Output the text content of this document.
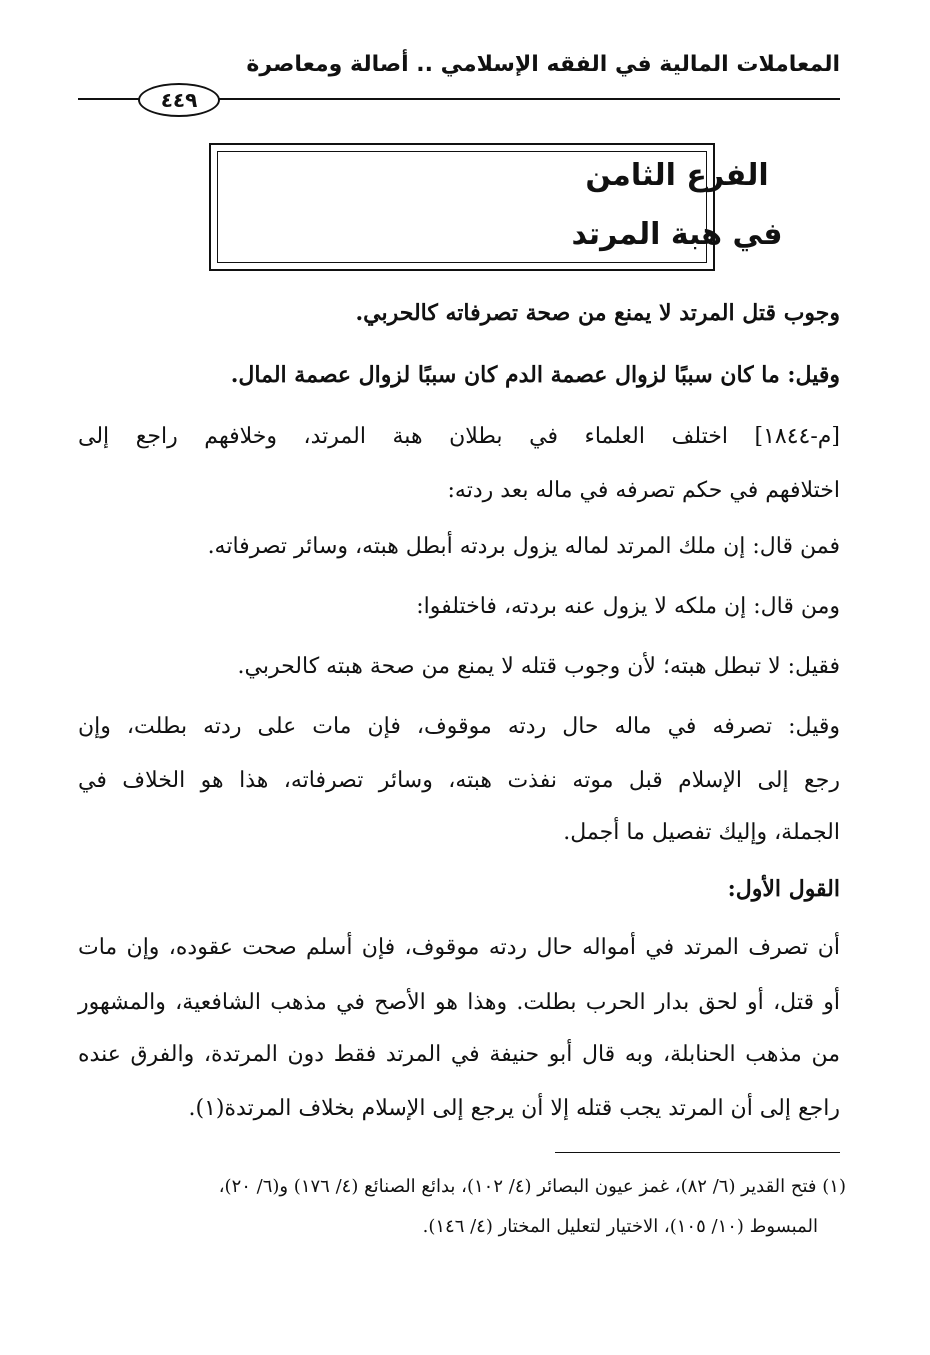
المعاملات المالية في الفقه الإسلامي .. أصالة ومعاصرة
٤٤٩
الفرع الثامن
في هبة المرتد
وجوب قتل المرتد لا يمنع من صحة تصرفاته كالحربي.
وقيل: ما كان سببًا لزوال عصمة الدم كان سببًا لزوال عصمة المال.
[م-١٨٤٤] اختلف العلماء في بطلان هبة المرتد، وخلافهم راجع إلى
اختلافهم في حكم تصرفه في ماله بعد ردته:
فمن قال: إن ملك المرتد لماله يزول بردته أبطل هبته، وسائر تصرفاته.
ومن قال: إن ملكه لا يزول عنه بردته، فاختلفوا:
فقيل: لا تبطل هبته؛ لأن وجوب قتله لا يمنع من صحة هبته كالحربي.
وقيل: تصرفه في ماله حال ردته موقوف، فإن مات على ردته بطلت، وإن
رجع إلى الإسلام قبل موته نفذت هبته، وسائر تصرفاته، هذا هو الخلاف في
الجملة، وإليك تفصيل ما أجمل.
القول الأول:
أن تصرف المرتد في أمواله حال ردته موقوف، فإن أسلم صحت عقوده، وإن مات
أو قتل، أو لحق بدار الحرب بطلت. وهذا هو الأصح في مذهب الشافعية، والمشهور
من مذهب الحنابلة، وبه قال أبو حنيفة في المرتد فقط دون المرتدة، والفرق عنده
راجع إلى أن المرتد يجب قتله إلا أن يرجع إلى الإسلام بخلاف المرتدة(١).
(١) فتح القدير (٦/ ٨٢)، غمز عيون البصائر (٤/ ١٠٢)، بدائع الصنائع (٤/ ١٧٦) و(٦/ ٢٠)،
المبسوط (١٠/ ١٠٥)، الاختيار لتعليل المختار (٤/ ١٤٦).
